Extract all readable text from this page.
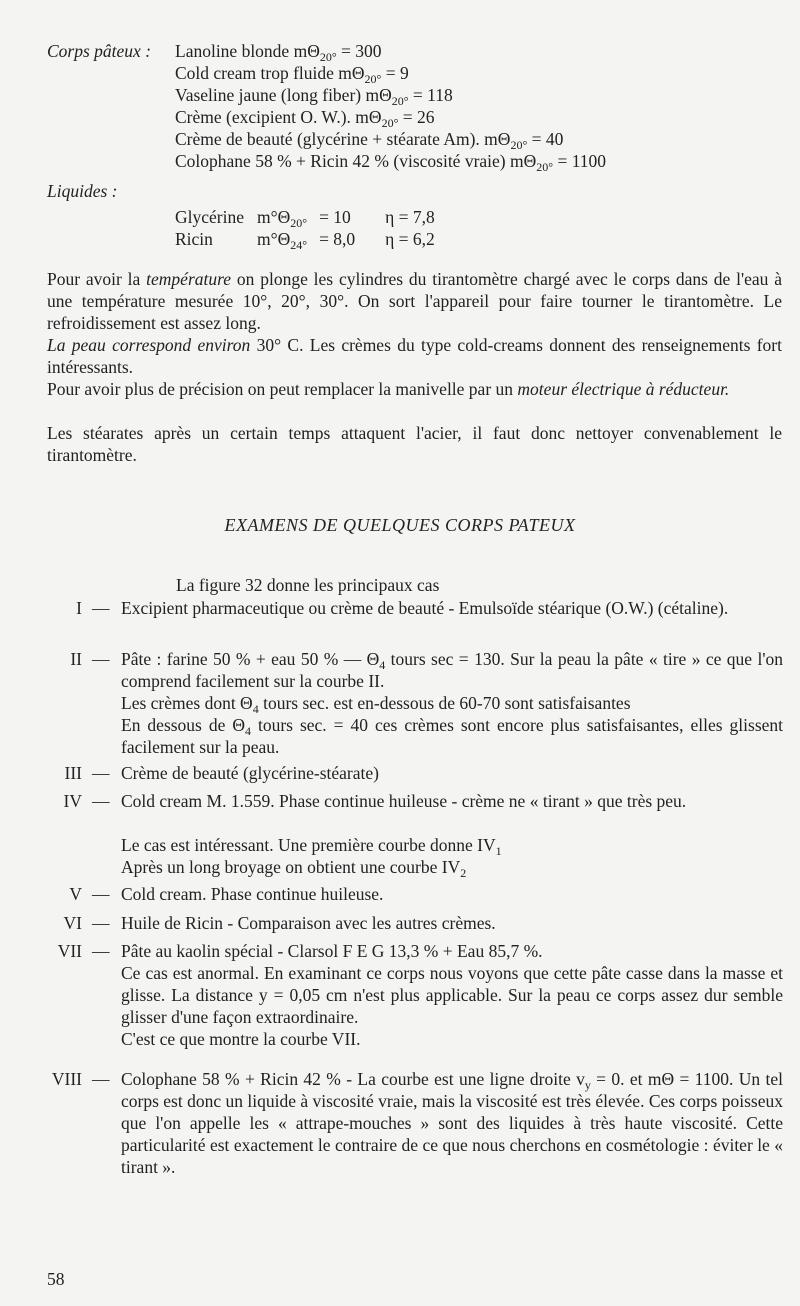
Corps pâteux : Lanoline blonde $m\Theta_{20^\circ} = 300$
Cold cream trop fluide $m\Theta_{20^\circ} = 9$
Vaseline jaune (long fiber) $m\Theta_{20^\circ} = 118$
Crème (excipient O. W.). $m\Theta_{20^\circ} = 26$
Crème de beauté (glycérine + stéarate Am). $m\Theta_{20^\circ} = 40$
Colophane 58 % + Ricin 42 % (viscosité vraie) $m\Theta_{20^\circ} = 1100$
Liquides :
Glycérine $m^\circ\Theta_{20^\circ} = 10$ η = 7,8
Ricin	$m^\circ\Theta_{24^\circ} = 8,0$ η = 6,2

Pour avoir la température on plonge les cylindres du tirantomètre chargé avec le corps dans de l'eau à une température mesurée 10°, 20°, 30°. On sort l'appareil pour faire tourner le tirantomètre. Le refroidissement est assez long.

La peau correspond environ 30° C. Les crèmes du type cold-creams donnent des renseignements fort intéressants.

Pour avoir plus de précision on peut remplacer la manivelle par un moteur électrique à réducteur.

Les stéarates après un certain temps attaquent l'acier, il faut donc nettoyer convenablement le tirantomètre.

EXAMENS DE QUELQUES CORPS PATEUX
La figure 32 donne les principaux cas
I — Excipient pharmaceutique ou crème de beauté - Emulsoïde stéarique (O.W.) (cétaline).

II — Pâte : farine 50 % + eau 50 % — $\Theta_4$ tours sec = 130. Sur la peau la pâte « tire » ce que l'on comprend facilement sur la courbe II.

Les crèmes dont $\Theta_4$ tours sec. est en-dessous de 60-70 sont satisfaisantes

En dessous de $\Theta_4$ tours sec. = 40 ces crèmes sont encore plus satisfaisantes, elles glissent facilement sur la peau.

III — Crème de beauté (glycérine-stéarate)

IV — Cold cream M. 1.559. Phase continue huileuse - crème ne « tirant » que très peu.

Le cas est intéressant. Une première courbe donne $IV_1$

Après un long broyage on obtient une courbe $IV_2$

V — Cold cream. Phase continue huileuse.

VI — Huile de Ricin - Comparaison avec les autres crèmes.

VII — Pâte au kaolin spécial - Clarsol F E G 13,3 % + Eau 85,7 %.

Ce cas est anormal. En examinant ce corps nous voyons que cette pâte casse dans la masse et glisse. La distance y = 0,05 cm n'est plus applicable. Sur la peau ce corps assez dur semble glisser d'une façon extraordinaire.

C'est ce que montre la courbe VII.

VIII — Colophane 58 % + Ricin 42 % - La courbe est une ligne droite $v_y = 0$. et mΘ = 1100. Un tel corps est donc un liquide à viscosité vraie, mais la viscosité est très élevée. Ces corps poisseux que l'on appelle les « attrape-mouches » sont des liquides à très haute viscosité. Cette particularité est exactement le contraire de ce que nous cherchons en cosmétologie : éviter le « tirant ».

58
